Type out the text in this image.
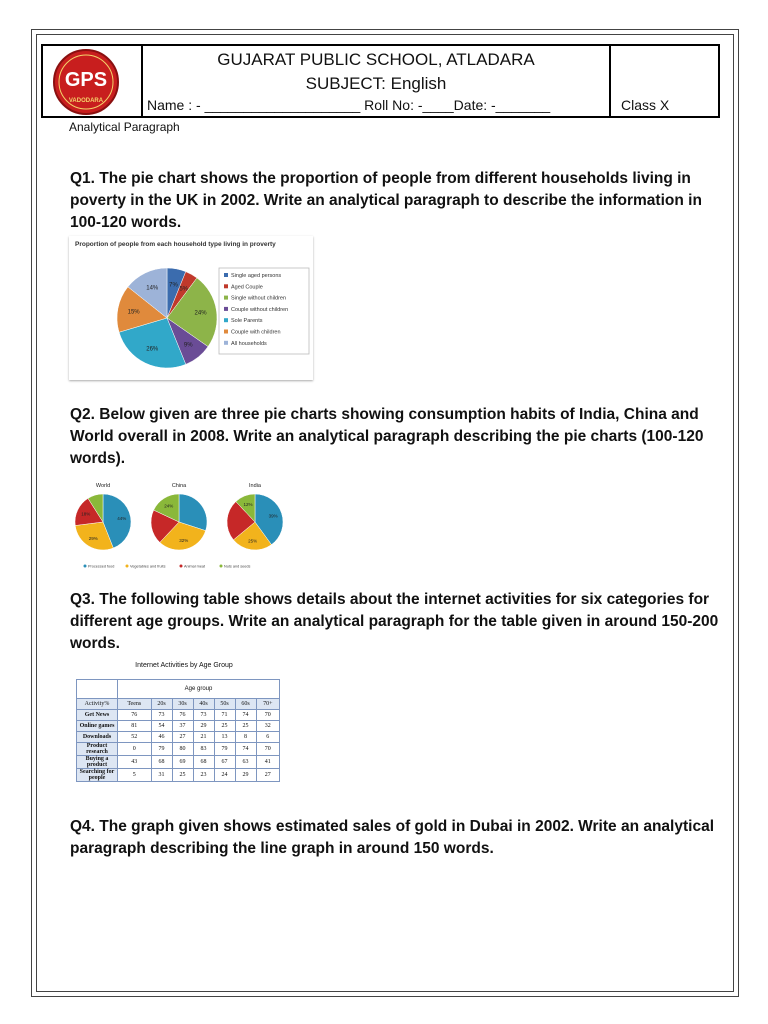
GPS
VADODARA
GUJARAT PUBLIC SCHOOL, ATLADARA
SUBJECT: English
Name : - ____________________ Roll No: -____Date: -_______	Class X
Analytical Paragraph
Q1. The pie chart shows the proportion of people from different households living in poverty in the UK in 2002. Write an analytical paragraph to describe the information in 100-120 words.
Proportion of people from each household type living in proverty
7%
5%
24%
9%
26%
15%
14%
Single aged persons
Aged Couple
Single without children
Couple without children
Sole Parents
Couple with children
All households
Q2. Below given are three pie charts showing consumption habits of India, China and World overall in 2008. Write an analytical paragraph describing the pie charts (100-120 words).
World
44%
29%
18%
China
32%
24%
India
39%
25%
12%
Processed food	Vegetables and fruits	Animal meat	Nuts and seeds
Q3. The following table shows details about the internet activities for six categories for different age groups. Write an analytical paragraph for the table given in around 150-200 words.
Internet Activities by Age Group
	Age group						
Activity%	Teens	20s	30s	40s	50s	60s	70+
Get News	76	73	76	73	71	74	70
Online games	81	54	37	29	25	25	32
Downloads	52	46	27	21	13	8	6
Product research	0	79	80	83	79	74	70
Buying a product	43	68	69	68	67	63	41
Searching for people	5	31	25	23	24	29	27
Q4. The graph given shows estimated sales of gold in Dubai in 2002. Write an analytical paragraph describing the line graph in around 150 words.
